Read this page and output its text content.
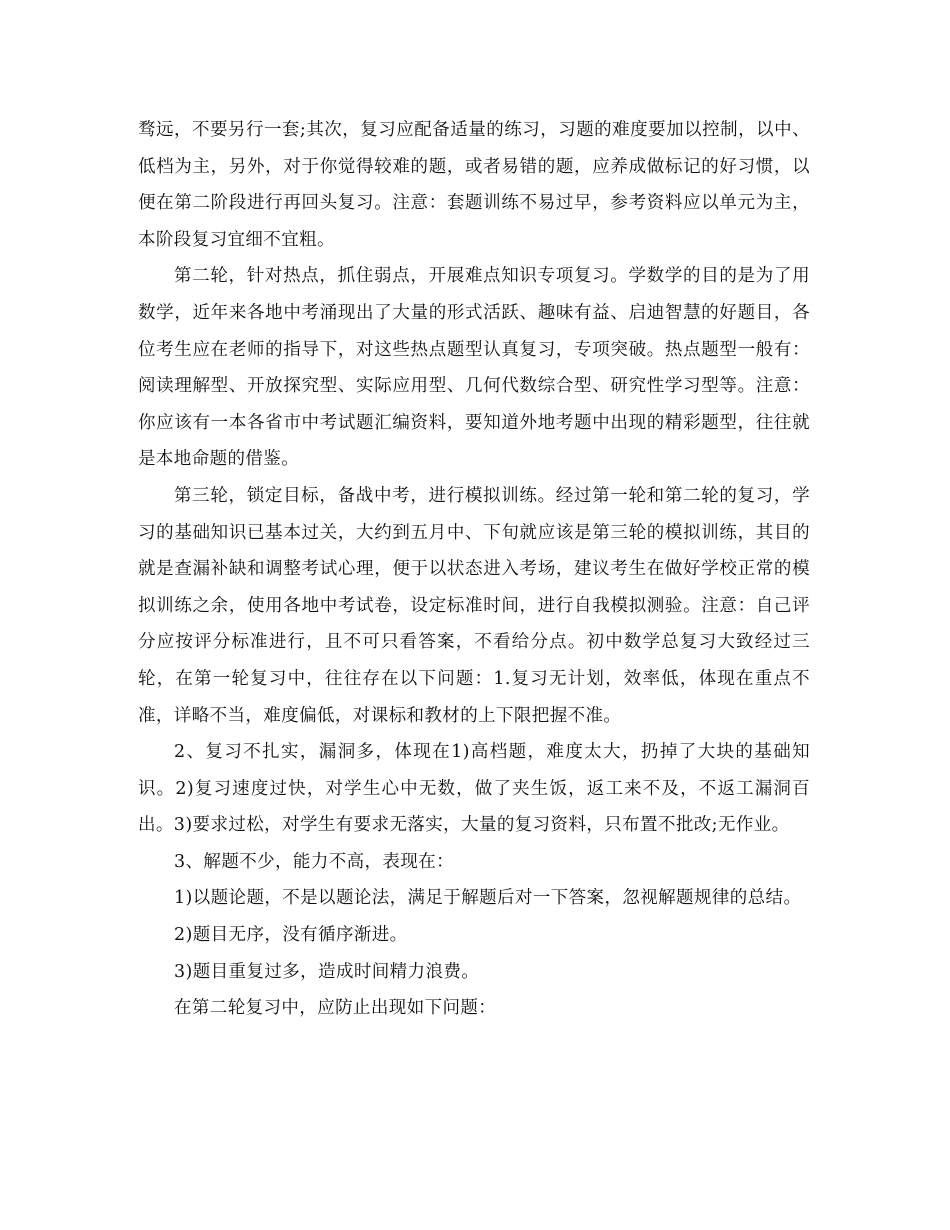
骛远，不要另行一套;其次，复习应配备适量的练习，习题的难度要加以控制，以中、低档为主，另外，对于你觉得较难的题，或者易错的题，应养成做标记的好习惯，以便在第二阶段进行再回头复习。注意：套题训练不易过早，参考资料应以单元为主，本阶段复习宜细不宜粗。

第二轮，针对热点，抓住弱点，开展难点知识专项复习。学数学的目的是为了用数学，近年来各地中考涌现出了大量的形式活跃、趣味有益、启迪智慧的好题目，各位考生应在老师的指导下，对这些热点题型认真复习，专项突破。热点题型一般有：阅读理解型、开放探究型、实际应用型、几何代数综合型、研究性学习型等。注意：你应该有一本各省市中考试题汇编资料，要知道外地考题中出现的精彩题型，往往就是本地命题的借鉴。

第三轮，锁定目标，备战中考，进行模拟训练。经过第一轮和第二轮的复习，学习的基础知识已基本过关，大约到五月中、下旬就应该是第三轮的模拟训练，其目的就是查漏补缺和调整考试心理，便于以状态进入考场，建议考生在做好学校正常的模拟训练之余，使用各地中考试卷，设定标准时间，进行自我模拟测验。注意：自己评分应按评分标准进行，且不可只看答案，不看给分点。初中数学总复习大致经过三轮，在第一轮复习中，往往存在以下问题：1.复习无计划，效率低，体现在重点不准，详略不当，难度偏低，对课标和教材的上下限把握不准。

2、复习不扎实，漏洞多，体现在1)高档题，难度太大，扔掉了大块的基础知识。2)复习速度过快，对学生心中无数，做了夹生饭，返工来不及，不返工漏洞百出。3)要求过松，对学生有要求无落实，大量的复习资料，只布置不批改;无作业。

3、解题不少，能力不高，表现在：

1)以题论题，不是以题论法，满足于解题后对一下答案，忽视解题规律的总结。

2)题目无序，没有循序渐进。

3)题目重复过多，造成时间精力浪费。

在第二轮复习中，应防止出现如下问题：
